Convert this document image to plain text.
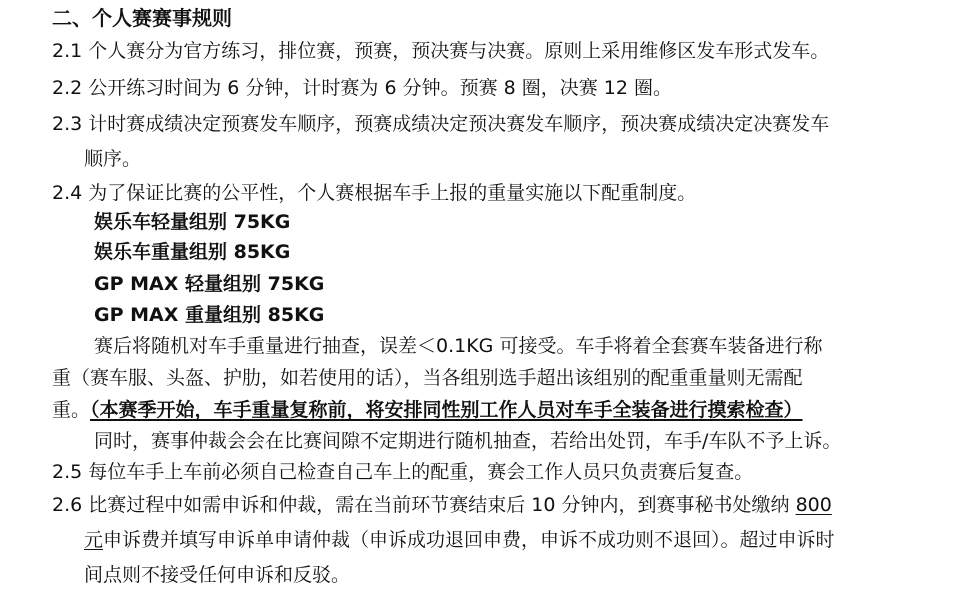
二、个人赛赛事规则
2.1 个人赛分为官方练习，排位赛，预赛，预决赛与决赛。原则上采用维修区发车形式发车。
2.2 公开练习时间为 6 分钟，计时赛为 6 分钟。预赛 8 圈，决赛 12 圈。
2.3 计时赛成绩决定预赛发车顺序，预赛成绩决定预决赛发车顺序，预决赛成绩决定决赛发车
顺序。
2.4 为了保证比赛的公平性，个人赛根据车手上报的重量实施以下配重制度。
娱乐车轻量组别 75KG
娱乐车重量组别 85KG
GP MAX 轻量组别 75KG
GP MAX 重量组别 85KG
赛后将随机对车手重量进行抽查，误差＜0.1KG 可接受。车手将着全套赛车装备进行称
重（赛车服、头盔、护肋，如若使用的话），当各组别选手超出该组别的配重重量则无需配
重。（本赛季开始，车手重量复称前，将安排同性别工作人员对车手全装备进行摸索检查）
同时，赛事仲裁会会在比赛间隙不定期进行随机抽查，若给出处罚，车手/车队不予上诉。
2.5 每位车手上车前必须自己检查自己车上的配重，赛会工作人员只负责赛后复查。
2.6 比赛过程中如需申诉和仲裁，需在当前环节赛结束后 10 分钟内，到赛事秘书处缴纳 800
元申诉费并填写申诉单申请仲裁（申诉成功退回申费，申诉不成功则不退回）。超过申诉时
间点则不接受任何申诉和反驳。
